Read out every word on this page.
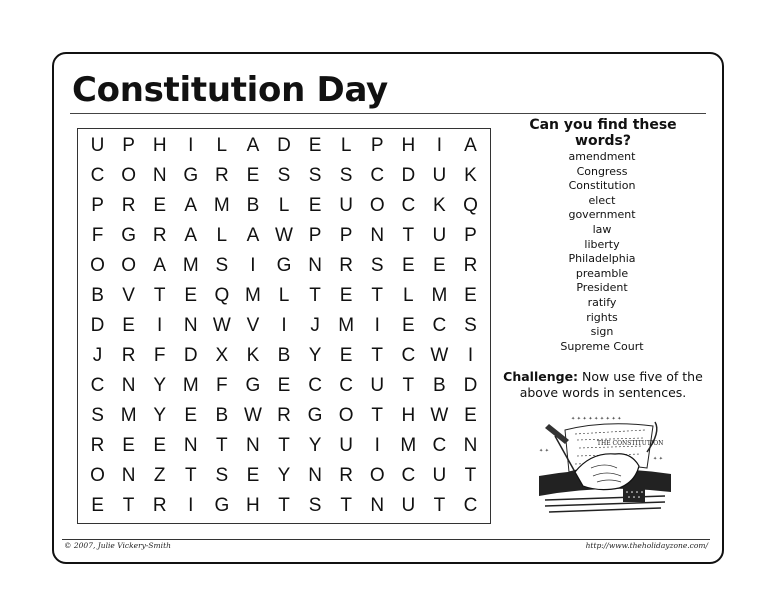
Constitution Day
U P H	I	L	A D E	L	P H	I	A
C O N G R E S S S C D U K
P R E A M B	L	E U O C K Q
F G R A	L	A W P P N T U P
O O A M S	I	G N R S E E R
B V T E Q M L	T E T	L M E
D E	I	N W V	I	J M	I	E C S
J	R F D X K B Y E T C W	I
C N Y M F G E C C U T B D
S M Y E B W R G O T H W E
R E E N T N T Y U	I	M C N
O N Z	T S E Y N R O C U T
E T R	I	G H T S T N U T C
Can you find these words?
amendment
Congress
Constitution
elect
government
law
liberty
Philadelphia
preamble
President
ratify
rights
sign
Supreme Court
Challenge: Now use five of the above words in sentences.
THE CONSTITUTION
✦ ✦ ✦ ✦ ✦ ✦ ✦ ✦ ✦
✦ ✦
✦ ✦
© 2007, Julie Vickery-Smith	http://www.theholidayzone.com/
